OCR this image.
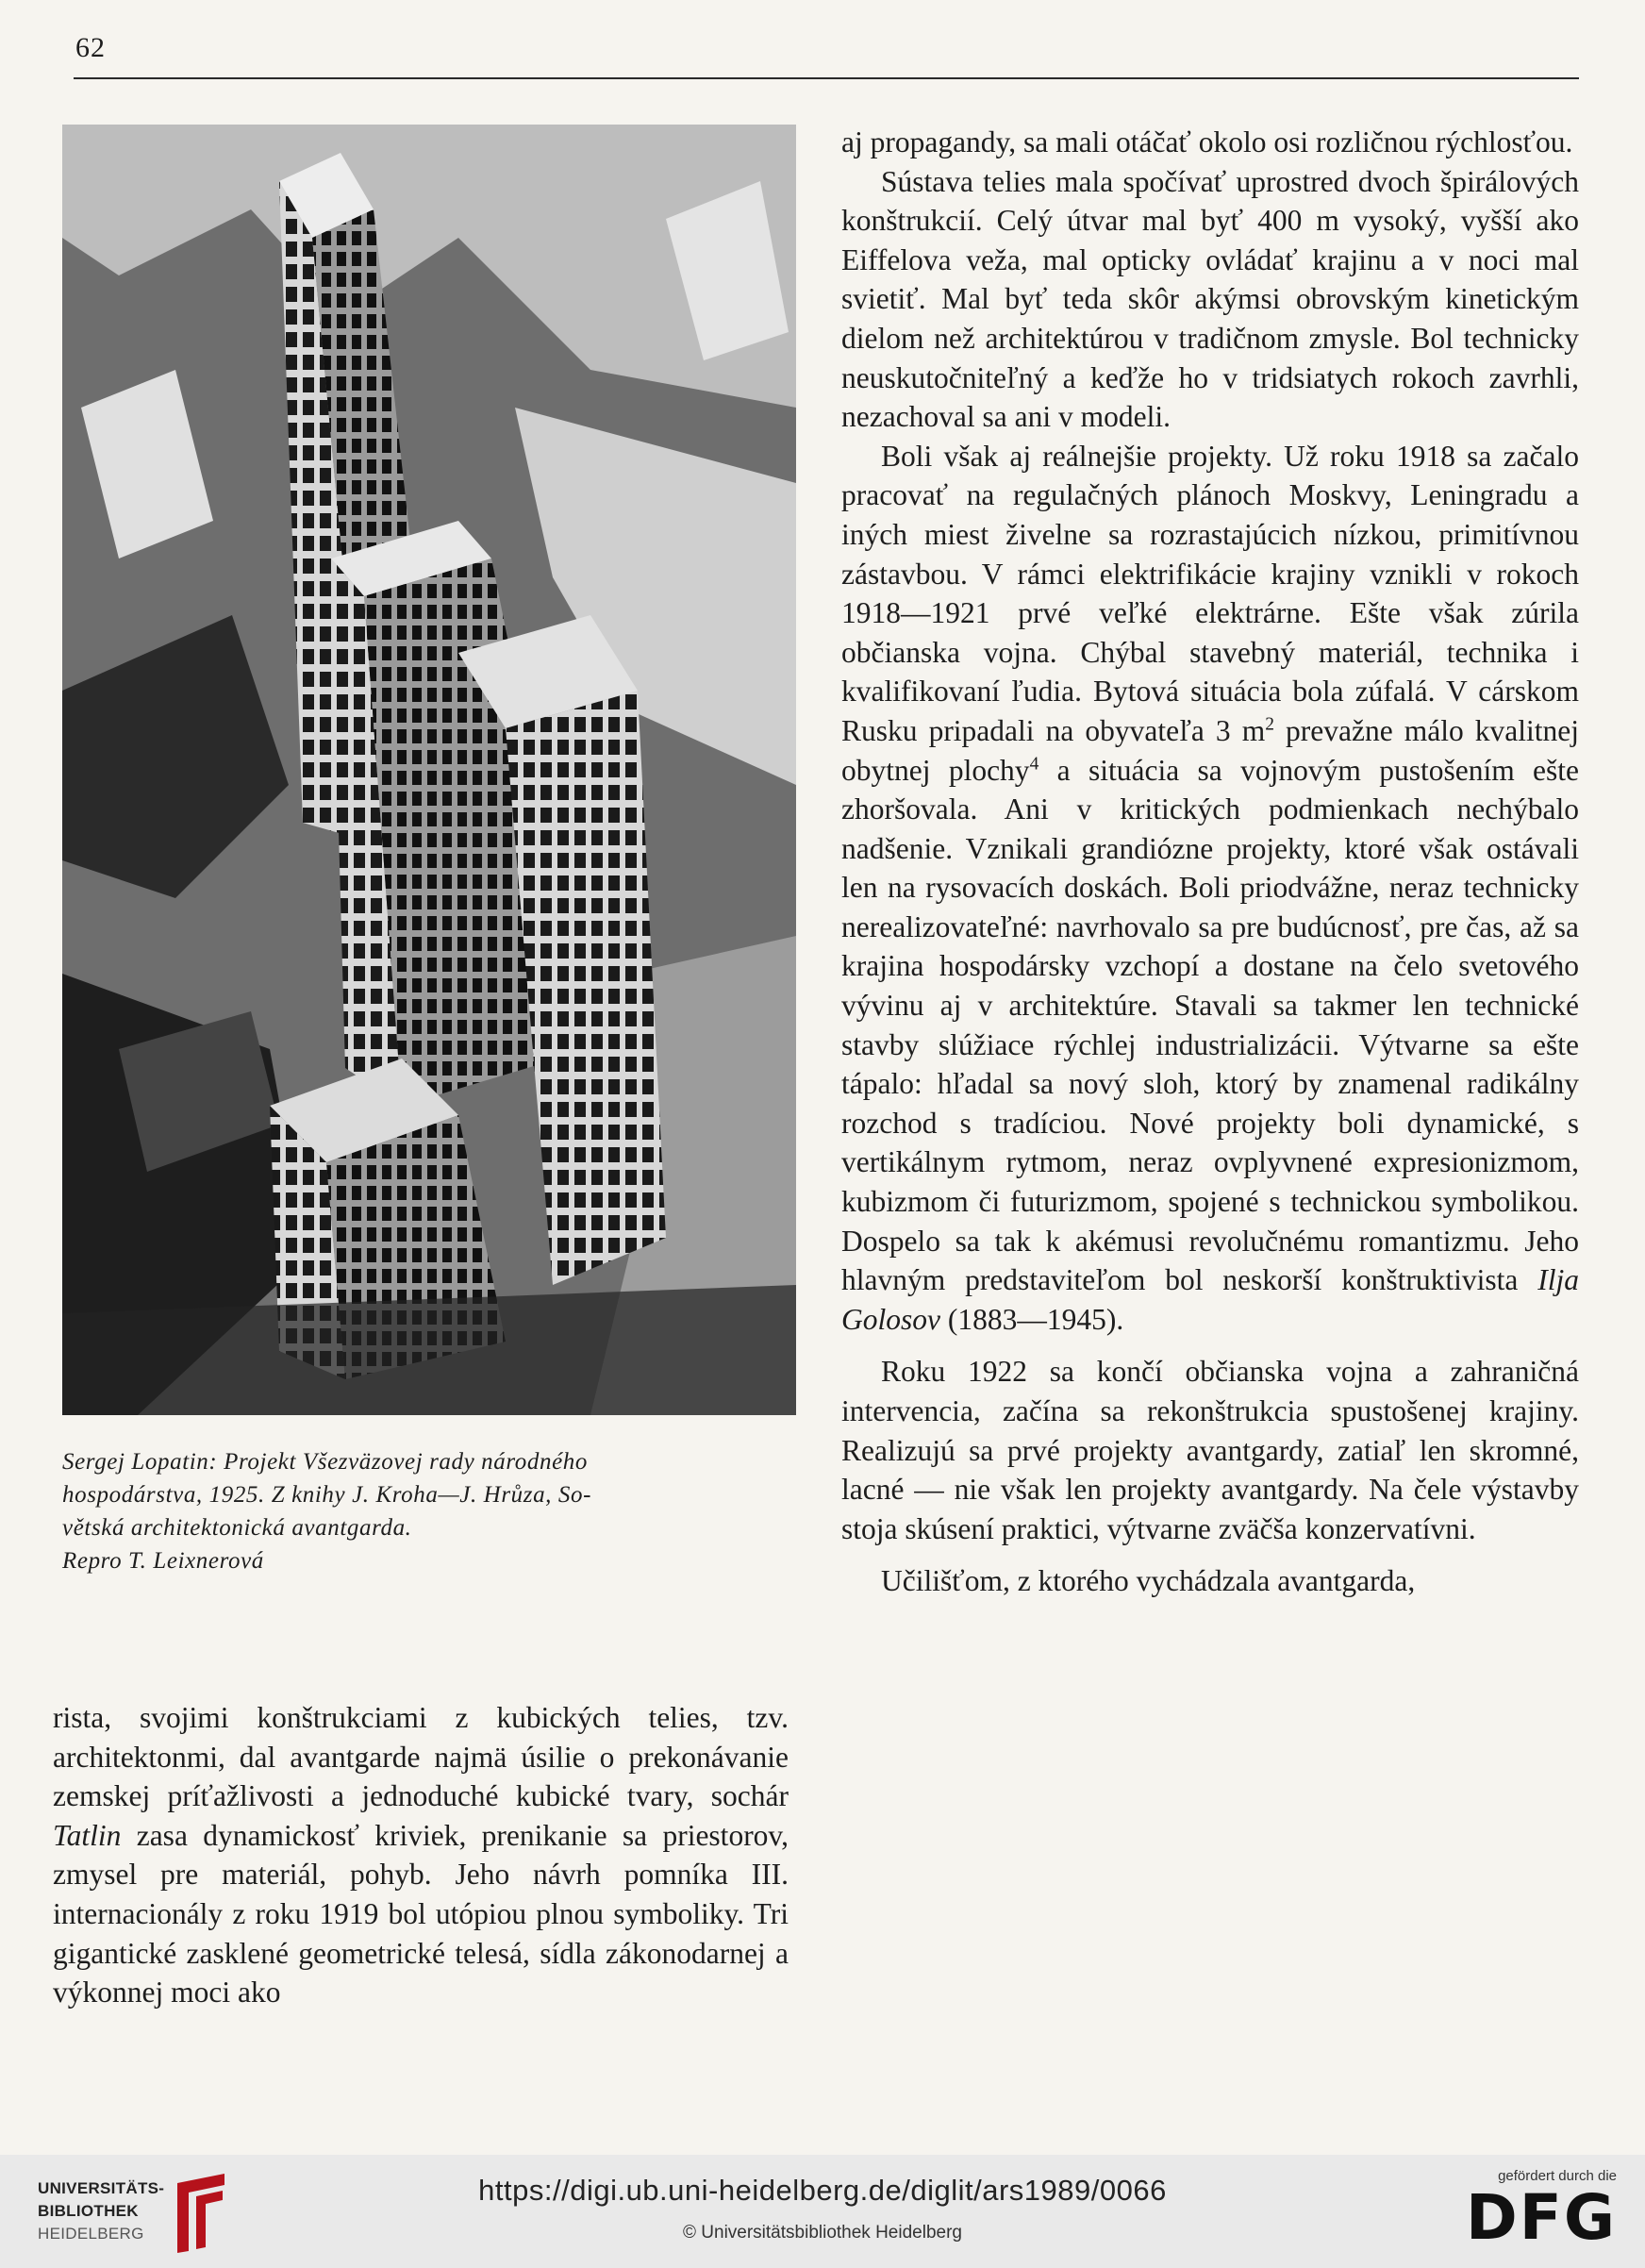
62

Sergej Lopatin: Projekt Všezväzovej rady národného

hospodárstva, 1925. Z knihy J. Kroha—J. Hrůza, So-

větská architektonická avantgarda.

Repro T. Leixnerová

rista, svojimi konštrukciami z kubických telies, tzv. architektonmi, dal avantgarde najmä úsilie o prekonávanie zemskej príťažlivosti a jednoduché kubické tvary, sochár Tatlin zasa dynamickosť kriviek, prenikanie sa priestorov, zmysel pre materiál, pohyb. Jeho návrh pomníka III. internacionály z roku 1919 bol utópiou plnou symboliky. Tri gigantické zasklené geometrické telesá, sídla zákonodarnej a výkonnej moci ako

aj propagandy, sa mali otáčať okolo osi rozličnou rýchlosťou.

Sústava telies mala spočívať uprostred dvoch špirálových konštrukcií. Celý útvar mal byť 400 m vysoký, vyšší ako Eiffelova veža, mal opticky ovládať krajinu a v noci mal svietiť. Mal byť teda skôr akýmsi obrovským kinetickým dielom než architektúrou v tradičnom zmysle. Bol technicky neuskutočniteľný a keďže ho v tridsiatych rokoch zavrhli, nezachoval sa ani v modeli.

Boli však aj reálnejšie projekty. Už roku 1918 sa začalo pracovať na regulačných plánoch Moskvy, Leningradu a iných miest živelne sa rozrastajúcich nízkou, primitívnou zástavbou. V rámci elektrifikácie krajiny vznikli v rokoch 1918—1921 prvé veľké elektrárne. Ešte však zúrila občianska vojna. Chýbal stavebný materiál, technika i kvalifikovaní ľudia. Bytová situácia bola zúfalá. V cárskom Rusku pripadali na obyvateľa 3 $m^2$ prevažne málo kvalitnej obytnej plochy$^4$ a situácia sa vojnovým pustošením ešte zhoršovala. Ani v kritických podmienkach nechýbalo nadšenie. Vznikali grandiózne projekty, ktoré však ostávali len na rysovacích doskách. Boli priodvážne, neraz technicky nerealizovateľné: navrhovalo sa pre budúcnosť, pre čas, až sa krajina hospodársky vzchopí a dostane na čelo svetového vývinu aj v architektúre. Stavali sa takmer len technické stavby slúžiace rýchlej industrializácii. Výtvarne sa ešte tápalo: hľadal sa nový sloh, ktorý by znamenal radikálny rozchod s tradíciou. Nové projekty boli dynamické, s vertikálnym rytmom, neraz ovplyvnené expresionizmom, kubizmom či futurizmom, spojené s technickou symbolikou. Dospelo sa tak k akémusi revolučnému romantizmu. Jeho hlavným predstaviteľom bol neskorší konštruktivista Ilja Golosov (1883—1945).

Roku 1922 sa končí občianska vojna a zahraničná intervencia, začína sa rekonštrukcia spustošenej krajiny. Realizujú sa prvé projekty avantgardy, zatiaľ len skromné, lacné — nie však len projekty avantgardy. Na čele výstavby stoja skúsení praktici, výtvarne zväčša konzervatívni.

Učilišťom, z ktorého vychádzala avantgarda,

UNIVERSITÄTS-
BIBLIOTHEK
HEIDELBERG
https://digi.ub.uni-heidelberg.de/diglit/ars1989/0066
© Universitätsbibliothek Heidelberg
gefördert durch die
DFG
